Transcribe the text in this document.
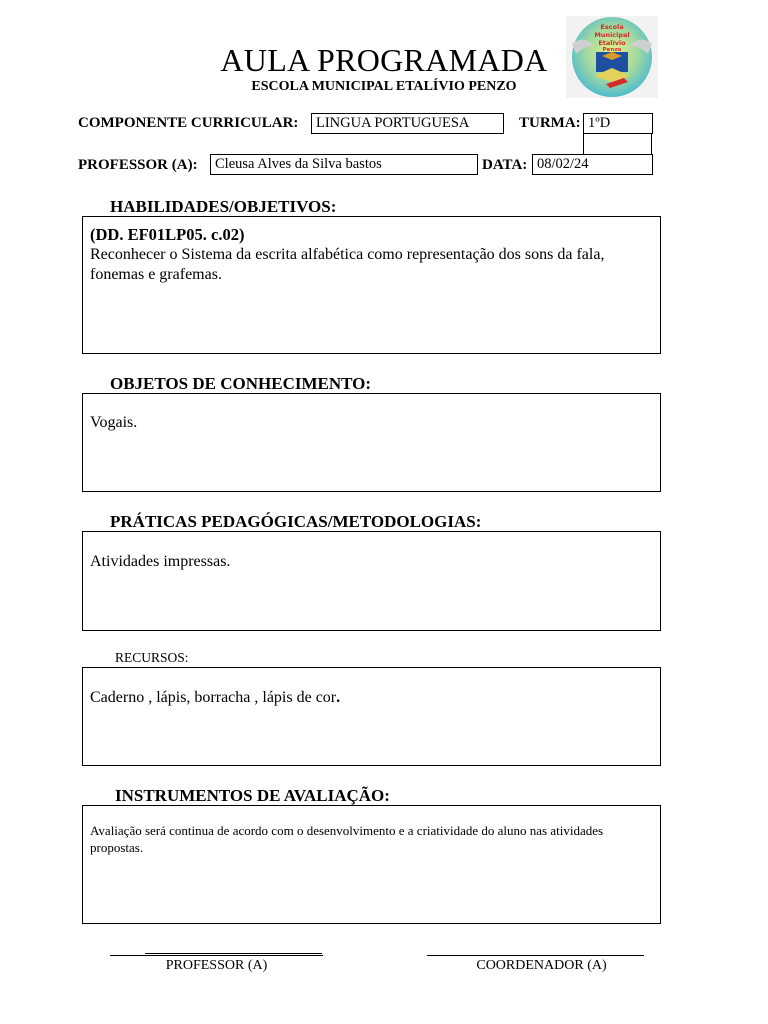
AULA PROGRAMADA
ESCOLA MUNICIPAL ETALÍVIO PENZO
Escola
Municipal
Etalívio
Penzo
COMPONENTE CURRICULAR:	LINGUA PORTUGUESA	TURMA: 1ºD
PROFESSOR (A):	Cleusa Alves da Silva bastos	DATA: 08/02/24
HABILIDADES/OBJETIVOS:
(DD. EF01LP05. c.02)
Reconhecer o Sistema da escrita alfabética como representação dos sons da fala, fonemas e grafemas.
OBJETOS DE CONHECIMENTO:
Vogais.
PRÁTICAS PEDAGÓGICAS/METODOLOGIAS:
Atividades impressas.
RECURSOS:
Caderno , lápis, borracha , lápis de cor.
INSTRUMENTOS DE AVALIAÇÃO:
Avaliação será continua de acordo com o desenvolvimento e a criatividade do aluno nas atividades propostas.
PROFESSOR (A)	COORDENADOR (A)
